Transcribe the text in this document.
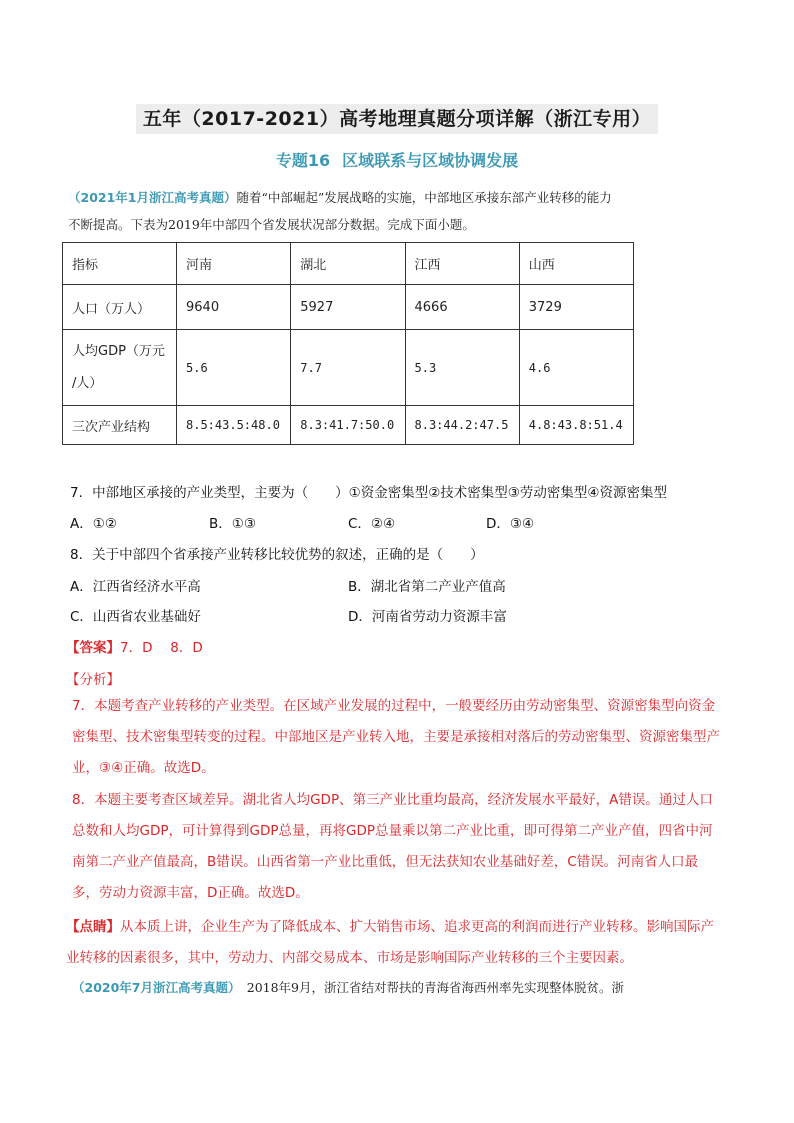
五年（2017-2021）高考地理真题分项详解（浙江专用）
专题16 区域联系与区域协调发展
（2021年1月浙江高考真题）随着“中部崛起”发展战略的实施，中部地区承接东部产业转移的能力
不断提高。下表为2019年中部四个省发展状况部分数据。完成下面小题。
指标	河南	湖北	江西	山西
人口（万人）	9640	5927	4666	3729

人均GDP（万元
/人）	5.6	7.7	5.3	4.6
三次产业结构	8.5:43.5:48.0	8.3:41.7:50.0	8.3:44.2:47.5	4.8:43.8:51.4
7．中部地区承接的产业类型，主要为（　　）①资金密集型②技术密集型③劳动密集型④资源密集型
A．①②	B．①③	C．②④	D．③④
8．关于中部四个省承接产业转移比较优势的叙述，正确的是（　　）
A．江西省经济水平高	B．湖北省第二产业产值高
C．山西省农业基础好	D．河南省劳动力资源丰富
【答案】7．D　 8．D
【分析】
7．本题考查产业转移的产业类型。在区域产业发展的过程中，一般要经历由劳动密集型、资源密集型向资金密集型、技术密集型转变的过程。中部地区是产业转入地，主要是承接相对落后的劳动密集型、资源密集型产业，③④正确。故选D。
8．本题主要考查区域差异。湖北省人均GDP、第三产业比重均最高，经济发展水平最好，A错误。通过人口总数和人均GDP，可计算得到GDP总量，再将GDP总量乘以第二产业比重，即可得第二产业产值，四省中河南第二产业产值最高，B错误。山西省第一产业比重低，但无法获知农业基础好差，C错误。河南省人口最多，劳动力资源丰富，D正确。故选D。
【点睛】从本质上讲，企业生产为了降低成本、扩大销售市场、追求更高的利润而进行产业转移。影响国际产业转移的因素很多，其中，劳动力、内部交易成本、市场是影响国际产业转移的三个主要因素。
（2020年7月浙江高考真题）　2018年9月，浙江省结对帮扶的青海省海西州率先实现整体脱贫。浙
